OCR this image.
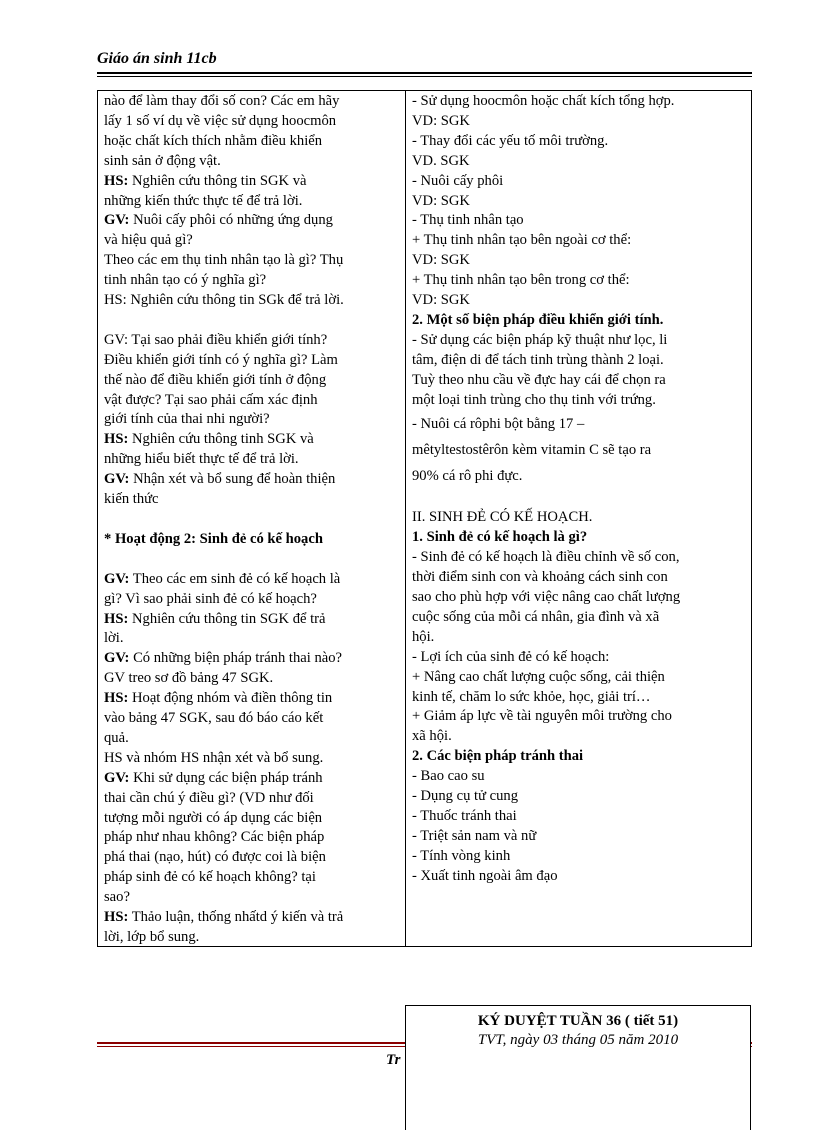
Giáo án sinh 11cb
nào để làm thay đổi số con? Các em hãy
lấy 1 số ví dụ về việc sử dụng hoocmôn
hoặc chất kích thích nhằm điều khiển
sinh sản ở động vật.
HS: Nghiên cứu thông tin SGK và
những kiến thức thực tế để trả lời.
GV: Nuôi cấy phôi có những ứng dụng
và hiệu quả gì?
Theo các em thụ tinh nhân tạo là gì? Thụ
tinh nhân tạo có ý nghĩa gì?
HS: Nghiên cứu thông tin SGk để trả lời.
GV: Tại sao phải điều khiển giới tính?
Điều khiển giới tính có ý nghĩa gì? Làm
thế nào để điều khiển giới tính ở động
vật được? Tại sao phải cấm xác định
giới tính của thai nhi người?
HS: Nghiên cứu thông tinh SGK và
những hiểu biết thực tế để trả lời.
GV: Nhận xét và bổ sung để hoàn thiện
kiến thức
* Hoạt động 2: Sinh đẻ có kế hoạch
GV: Theo các em sinh đẻ có kế hoạch là
gì? Vì sao phải sinh đẻ có kế hoạch?
HS: Nghiên cứu thông tin SGK để trả
lời.
GV: Có những biện pháp tránh thai nào?
GV treo sơ đồ bảng 47 SGK.
HS: Hoạt động nhóm và điền thông tin
vào bảng 47 SGK, sau đó báo cáo kết
quả.
HS và nhóm HS nhận xét và bổ sung.
GV: Khi sử dụng các biện pháp tránh
thai cần chú ý điều gì? (VD như đối
tượng mỗi người có áp dụng các biện
pháp như nhau không? Các biện pháp
phá thai (nạo, hút) có được coi là biện
pháp sinh đẻ có kế hoạch không? tại
sao?
HS: Thảo luận, thống nhấtd ý kiến và trả
lời, lớp bổ sung.
- Sử dụng hoocmôn hoặc chất kích tổng hợp.
VD: SGK
- Thay đổi các yếu tố môi trường.
VD. SGK
- Nuôi cấy phôi
VD: SGK
- Thụ tinh nhân tạo
+ Thụ tinh nhân tạo bên ngoài cơ thể:
VD: SGK
+ Thụ tinh nhân tạo bên trong cơ thể:
VD: SGK
2. Một số biện pháp điều khiển giới tính.
- Sử dụng các biện pháp kỹ thuật như lọc, li
tâm, điện di để tách tinh trùng thành 2 loại.
Tuỳ theo nhu cầu về đực hay cái để chọn ra
một loại tinh trùng cho thụ tinh với trứng.
- Nuôi cá rôphi bột bằng 17 –
mêtyltestostêrôn kèm vitamin C sẽ tạo ra
90% cá rô phi đực.
II. SINH ĐẺ CÓ KẾ HOẠCH.
1. Sinh đẻ có kế hoạch là gì?
- Sinh đẻ có kế hoạch là điều chỉnh về số con,
thời điểm sinh con và khoảng cách sinh con
sao cho phù hợp với việc nâng cao chất lượng
cuộc sống của mỗi cá nhân, gia đình và xã
hội.
- Lợi ích của sinh đẻ có kế hoạch:
+ Nâng cao chất lượng cuộc sống, cải thiện
kinh tế, chăm lo sức khỏe, học, giải trí…
+ Giảm áp lực về tài nguyên môi trường cho
xã hội.
2. Các biện pháp tránh thai
- Bao cao su
- Dụng cụ tử cung
- Thuốc tránh thai
- Triệt sản nam và nữ
- Tính vòng kinh
- Xuất tinh ngoài âm đạo
Tr
KÝ DUYỆT TUẦN 36 ( tiết 51)
TVT, ngày 03 tháng 05 năm 2010
